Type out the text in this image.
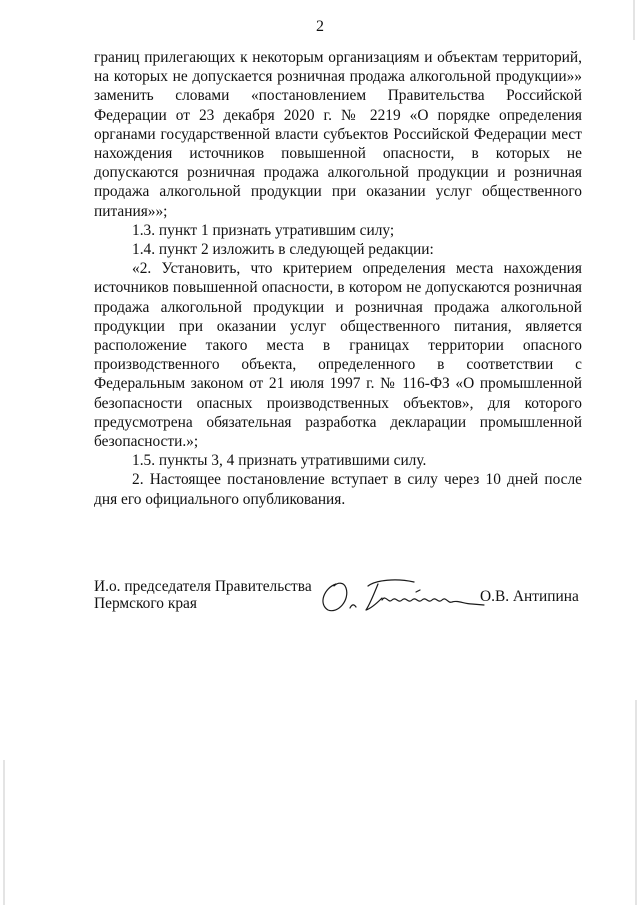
2

границ прилегающих к некоторым организациям и объектам территорий, на которых не допускается розничная продажа алкогольной продукции»» заменить словами «постановлением Правительства Российской Федерации от 23 декабря 2020 г. № 2219 «О порядке определения органами государственной власти субъектов Российской Федерации мест нахождения источников повышенной опасности, в которых не допускаются розничная продажа алкогольной продукции и розничная продажа алкогольной продукции при оказании услуг общественного питания»»;

1.3. пункт 1 признать утратившим силу;

1.4. пункт 2 изложить в следующей редакции:

«2. Установить, что критерием определения места нахождения источников повышенной опасности, в котором не допускаются розничная продажа алкогольной продукции и розничная продажа алкогольной продукции при оказании услуг общественного питания, является расположение такого места в границах территории опасного производственного объекта, определенного в соответствии с Федеральным законом от 21 июля 1997 г. № 116-ФЗ «О промышленной безопасности опасных производственных объектов», для которого предусмотрена обязательная разработка декларации промышленной безопасности.»;

1.5. пункты 3, 4 признать утратившими силу.

2. Настоящее постановление вступает в силу через 10 дней после дня его официального опубликования.

И.о. председателя Правительства
Пермского края	О.В. Антипина
